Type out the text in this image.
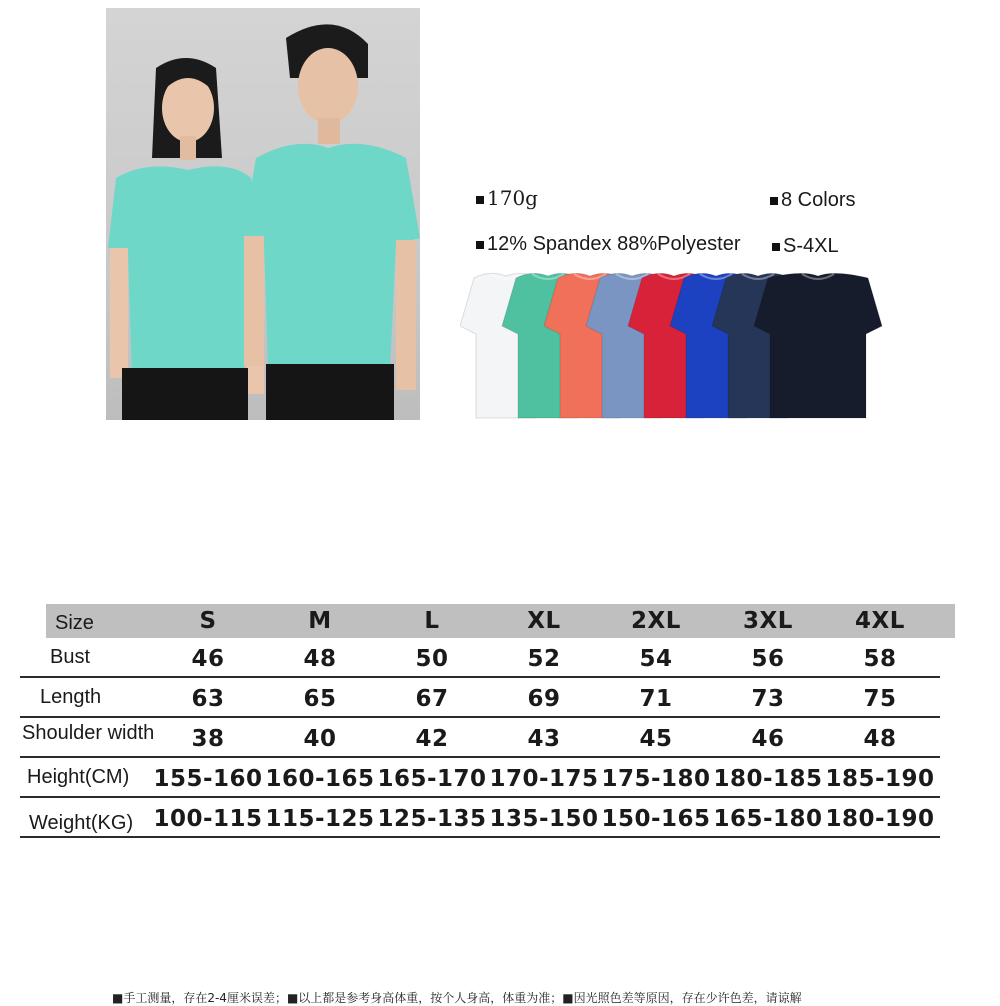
170g	8 Colors
12% Spandex 88%Polyester	S-4XL
Size	S	M	L	XL	2XL	3XL	4XL
Bust	46	48	50	52	54	56	58
Length	63	65	67	69	71	73	75
Shoulder width	38	40	42	43	45	46	48
Height(CM) 155-160 160-165 165-170 170-175 175-180 180-185 185-190
Weight(KG) 100-115 115-125 125-135 135-150 150-165 165-180 180-190
■手工测量，存在2-4厘米误差；■以上都是参考身高体重，按个人身高，体重为准；■因光照色差等原因，存在少许色差，请谅解
